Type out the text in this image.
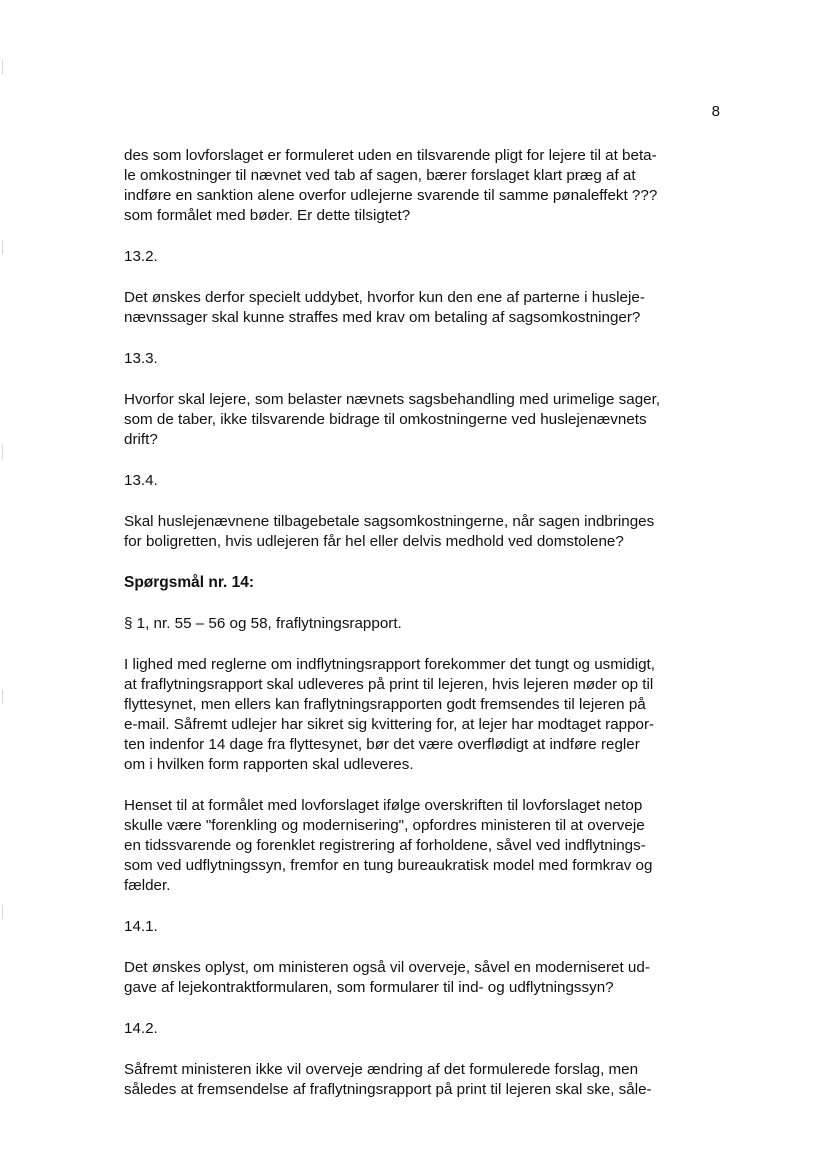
8

des som lovforslaget er formuleret uden en tilsvarende pligt for lejere til at beta-
le omkostninger til nævnet ved tab af sagen, bærer forslaget klart præg af at
indføre en sanktion alene overfor udlejerne svarende til samme pønaleffekt ???
som formålet med bøder. Er dette tilsigtet?

13.2.

Det ønskes derfor specielt uddybet, hvorfor kun den ene af parterne i husleje-
nævnssager skal kunne straffes med krav om betaling af sagsomkostninger?

13.3.

Hvorfor skal lejere, som belaster nævnets sagsbehandling med urimelige sager,
som de taber, ikke tilsvarende bidrage til omkostningerne ved huslejenævnets
drift?

13.4.

Skal huslejenævnene tilbagebetale sagsomkostningerne, når sagen indbringes
for boligretten, hvis udlejeren får hel eller delvis medhold ved domstolene?

Spørgsmål nr. 14:

§ 1, nr. 55 – 56 og 58, fraflytningsrapport.

I lighed med reglerne om indflytningsrapport forekommer det tungt og usmidigt,
at fraflytningsrapport skal udleveres på print til lejeren, hvis lejeren møder op til
flyttesynet, men ellers kan fraflytningsrapporten godt fremsendes til lejeren på
e-mail. Såfremt udlejer har sikret sig kvittering for, at lejer har modtaget rappor-
ten indenfor 14 dage fra flyttesynet, bør det være overflødigt at indføre regler
om i hvilken form rapporten skal udleveres.

Henset til at formålet med lovforslaget ifølge overskriften til lovforslaget netop
skulle være "forenkling og modernisering", opfordres ministeren til at overveje
en tidssvarende og forenklet registrering af forholdene, såvel ved indflytnings-
som ved udflytningssyn, fremfor en tung bureaukratisk model med formkrav og
fælder.

14.1.

Det ønskes oplyst, om ministeren også vil overveje, såvel en moderniseret ud-
gave af lejekontraktformularen, som formularer til ind- og udflytningssyn?

14.2.

Såfremt ministeren ikke vil overveje ændring af det formulerede forslag, men
således at fremsendelse af fraflytningsrapport på print til lejeren skal ske, såle-
